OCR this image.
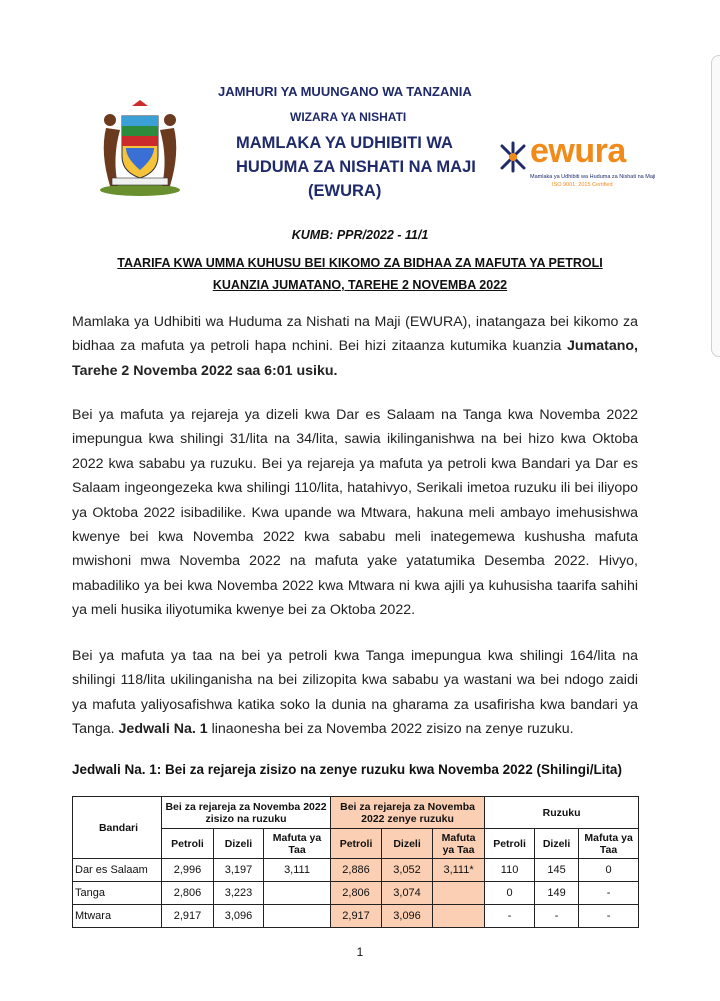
JAMHURI YA MUUNGANO WA TANZANIA
WIZARA YA NISHATI
MAMLAKA YA UDHIBITI WA
HUDUMA ZA NISHATI NA MAJI
(EWURA)
ewura
Mamlaka ya Udhibiti wa Huduma za Nishati na Maji
ISO 9001: 2015 Certified
KUMB: PPR/2022 - 11/1
TAARIFA KWA UMMA KUHUSU BEI KIKOMO ZA BIDHAA ZA MAFUTA YA PETROLI
KUANZIA JUMATANO, TAREHE 2 NOVEMBA 2022

Mamlaka ya Udhibiti wa Huduma za Nishati na Maji (EWURA), inatangaza bei kikomo za bidhaa za mafuta ya petroli hapa nchini. Bei hizi zitaanza kutumika kuanzia Jumatano, Tarehe 2 Novemba 2022 saa 6:01 usiku.

Bei ya mafuta ya rejareja ya dizeli kwa Dar es Salaam na Tanga kwa Novemba 2022 imepungua kwa shilingi 31/lita na 34/lita, sawia ikilinganishwa na bei hizo kwa Oktoba 2022 kwa sababu ya ruzuku. Bei ya rejareja ya mafuta ya petroli kwa Bandari ya Dar es Salaam ingeongezeka kwa shilingi 110/lita, hatahivyo, Serikali imetoa ruzuku ili bei iliyopo ya Oktoba 2022 isibadilike. Kwa upande wa Mtwara, hakuna meli ambayo imehusishwa kwenye bei kwa Novemba 2022 kwa sababu meli inategemewa kushusha mafuta mwishoni mwa Novemba 2022 na mafuta yake yatatumika Desemba 2022. Hivyo, mabadiliko ya bei kwa Novemba 2022 kwa Mtwara ni kwa ajili ya kuhusisha taarifa sahihi ya meli husika iliyotumika kwenye bei za Oktoba 2022.

Bei ya mafuta ya taa na bei ya petroli kwa Tanga imepungua kwa shilingi 164/lita na shilingi 118/lita ukilinganisha na bei zilizopita kwa sababu ya wastani wa bei ndogo zaidi ya mafuta yaliyosafishwa katika soko la dunia na gharama za usafirisha kwa bandari ya Tanga. Jedwali Na. 1 linaonesha bei za Novemba 2022 zisizo na zenye ruzuku.

Jedwali Na. 1: Bei za rejareja zisizo na zenye ruzuku kwa Novemba 2022 (Shilingi/Lita)
Bandari	Bei za rejareja za Novemba 2022 zisizo na ruzuku			Bei za rejareja za Novemba 2022 zenye ruzuku			Ruzuku		
	Petroli	Dizeli	Mafuta ya Taa	Petroli	Dizeli	Mafuta ya Taa	Petroli	Dizeli	Mafuta ya Taa
Dar es Salaam	2,996	3,197	3,111	2,886	3,052	3,111*	110	145	0
Tanga	2,806	3,223		2,806	3,074		0	149	-
Mtwara	2,917	3,096		2,917	3,096		-	-	-
1
